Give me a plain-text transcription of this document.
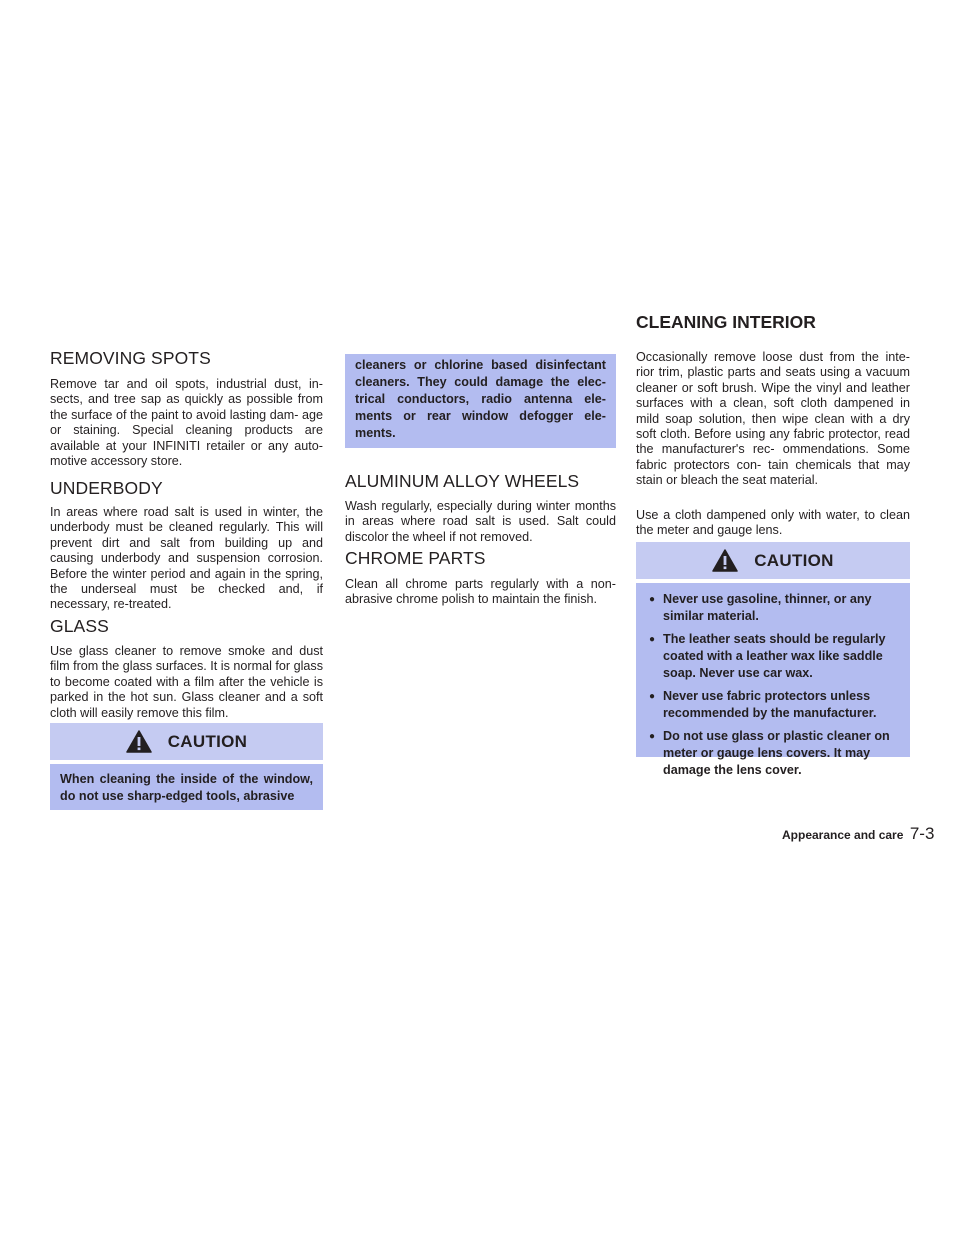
REMOVING SPOTS

Remove tar and oil spots, industrial dust, in- sects, and tree sap as quickly as possible from the surface of the paint to avoid lasting dam- age or staining. Special cleaning products are available at your INFINITI retailer or any auto- motive accessory store.

UNDERBODY

In areas where road salt is used in winter, the underbody must be cleaned regularly. This will prevent dirt and salt from building up and causing underbody and suspension corrosion. Before the winter period and again in the spring, the underseal must be checked and, if necessary, re-treated.

GLASS

Use glass cleaner to remove smoke and dust film from the glass surfaces. It is normal for glass to become coated with a film after the vehicle is parked in the hot sun. Glass cleaner and a soft cloth will easily remove this film.

CAUTION

When cleaning the inside of the window, do not use sharp-edged tools, abrasive

cleaners or chlorine based disinfectant cleaners. They could damage the elec- trical conductors, radio antenna ele- ments or rear window defogger ele- ments.

ALUMINUM ALLOY WHEELS

Wash regularly, especially during winter months in areas where road salt is used. Salt could discolor the wheel if not removed.

CHROME PARTS

Clean all chrome parts regularly with a non- abrasive chrome polish to maintain the finish.

CLEANING INTERIOR

Occasionally remove loose dust from the inte- rior trim, plastic parts and seats using a vacuum cleaner or soft brush. Wipe the vinyl and leather surfaces with a clean, soft cloth dampened in mild soap solution, then wipe clean with a dry soft cloth. Before using any fabric protector, read the manufacturer's rec- ommendations. Some fabric protectors con- tain chemicals that may stain or bleach the seat material.

Use a cloth dampened only with water, to clean the meter and gauge lens.

CAUTION
● Never use gasoline, thinner, or any similar material.
● The leather seats should be regularly coated with a leather wax like saddle soap. Never use car wax.
● Never use fabric protectors unless recommended by the manufacturer.
● Do not use glass or plastic cleaner on meter or gauge lens covers. It may damage the lens cover.
Appearance and care 7-3
